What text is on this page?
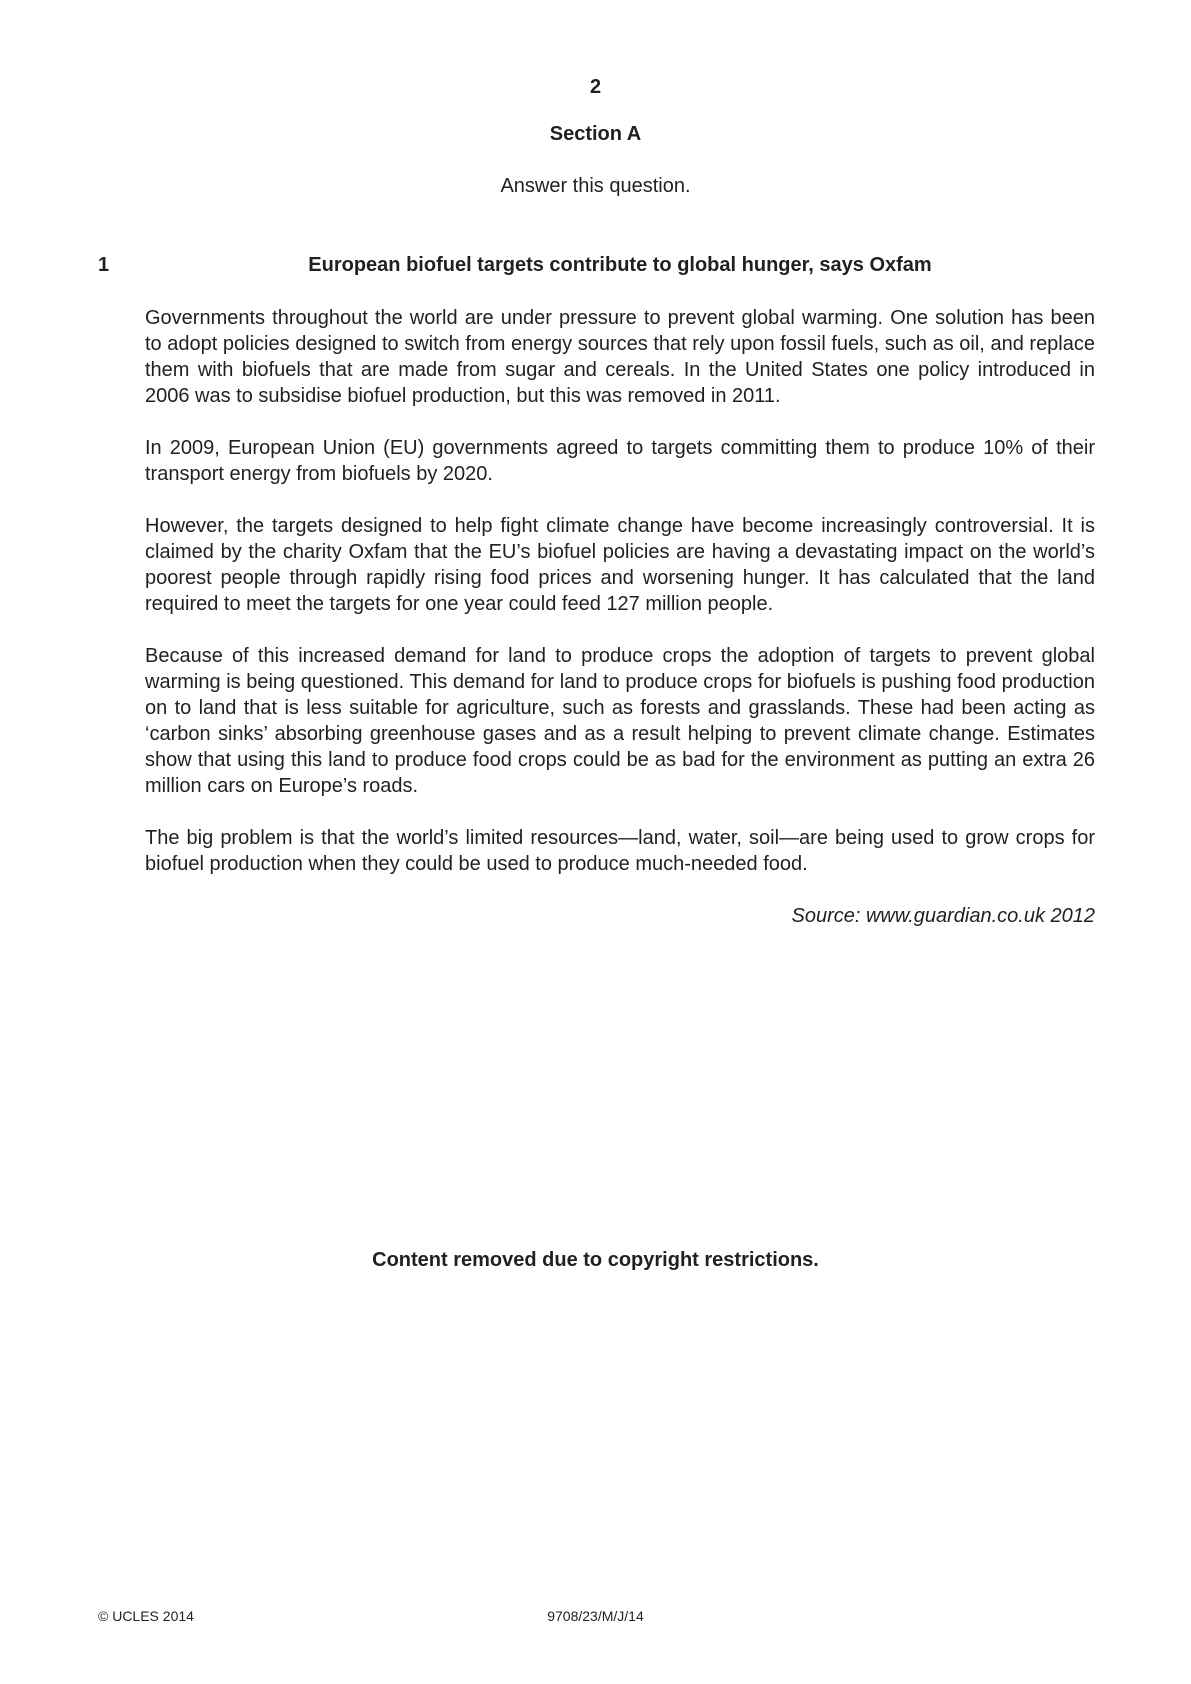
2
Section A
Answer this question.
1	European biofuel targets contribute to global hunger, says Oxfam

Governments throughout the world are under pressure to prevent global warming. One solution has been to adopt policies designed to switch from energy sources that rely upon fossil fuels, such as oil, and replace them with biofuels that are made from sugar and cereals. In the United States one policy introduced in 2006 was to subsidise biofuel production, but this was removed in 2011.

In 2009, European Union (EU) governments agreed to targets committing them to produce 10% of their transport energy from biofuels by 2020.

However, the targets designed to help fight climate change have become increasingly controversial. It is claimed by the charity Oxfam that the EU’s biofuel policies are having a devastating impact on the world’s poorest people through rapidly rising food prices and worsening hunger. It has calculated that the land required to meet the targets for one year could feed 127 million people.

Because of this increased demand for land to produce crops the adoption of targets to prevent global warming is being questioned. This demand for land to produce crops for biofuels is pushing food production on to land that is less suitable for agriculture, such as forests and grasslands. These had been acting as ‘carbon sinks’ absorbing greenhouse gases and as a result helping to prevent climate change. Estimates show that using this land to produce food crops could be as bad for the environment as putting an extra 26 million cars on Europe’s roads.

The big problem is that the world’s limited resources—land, water, soil—are being used to grow crops for biofuel production when they could be used to produce much-needed food.

Source: www.guardian.co.uk 2012
Content removed due to copyright restrictions.
© UCLES 2014	9708/23/M/J/14
